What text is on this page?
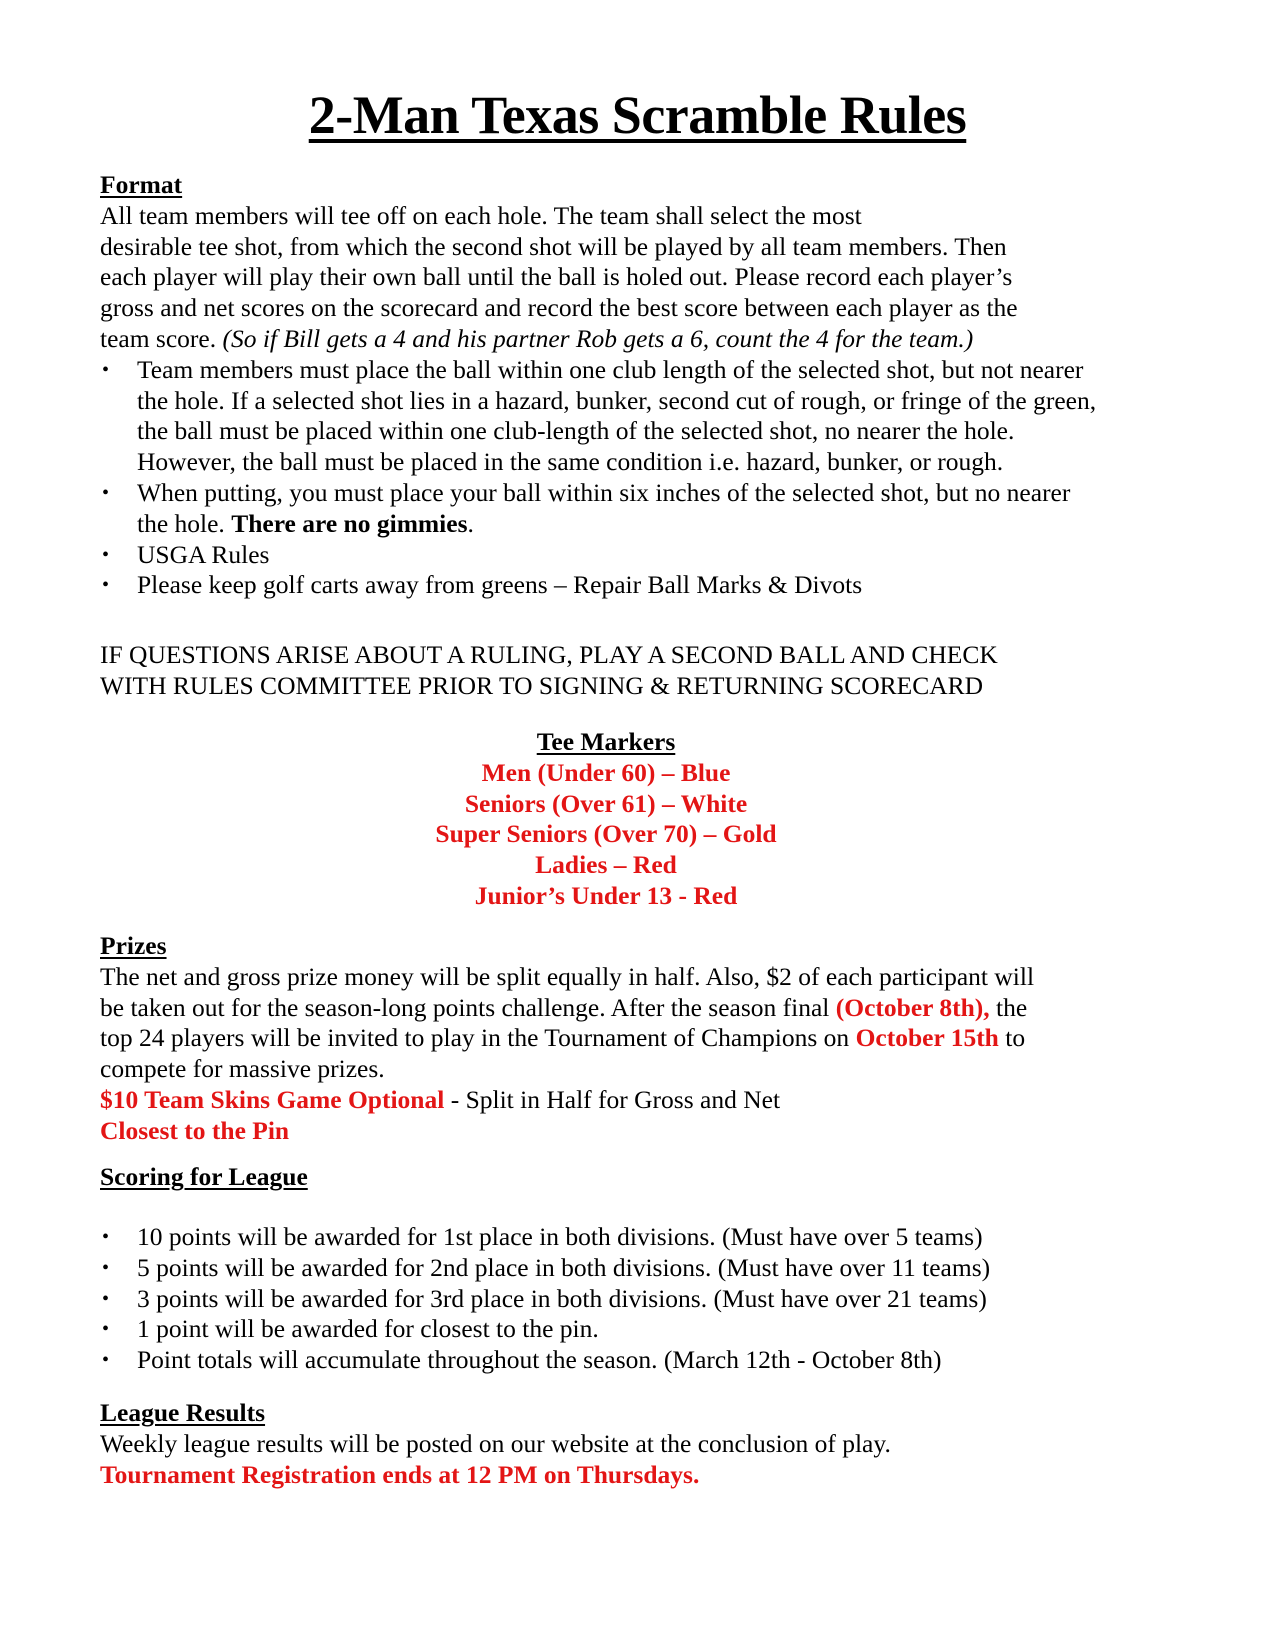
2-Man Texas Scramble Rules
Format
All team members will tee off on each hole. The team shall select the most
desirable tee shot, from which the second shot will be played by all team members. Then
each player will play their own ball until the ball is holed out. Please record each player’s
gross and net scores on the scorecard and record the best score between each player as the
team score. (So if Bill gets a 4 and his partner Rob gets a 6, count the 4 for the team.)
• Team members must place the ball within one club length of the selected shot, but not nearer the hole. If a selected shot lies in a hazard, bunker, second cut of rough, or fringe of the green, the ball must be placed within one club-length of the selected shot, no nearer the hole. However, the ball must be placed in the same condition i.e. hazard, bunker, or rough.
• When putting, you must place your ball within six inches of the selected shot, but no nearer the hole. There are no gimmies.
• USGA Rules
• Please keep golf carts away from greens – Repair Ball Marks & Divots
IF QUESTIONS ARISE ABOUT A RULING, PLAY A SECOND BALL AND CHECK
WITH RULES COMMITTEE PRIOR TO SIGNING & RETURNING SCORECARD
Tee Markers
Men (Under 60) – Blue
Seniors (Over 61) – White
Super Seniors (Over 70) – Gold
Ladies – Red
Junior’s Under 13 - Red
Prizes
The net and gross prize money will be split equally in half. Also, $2 of each participant will
be taken out for the season-long points challenge. After the season final (October 8th), the
top 24 players will be invited to play in the Tournament of Champions on October 15th to
compete for massive prizes.
$10 Team Skins Game Optional - Split in Half for Gross and Net
Closest to the Pin
Scoring for League
• 10 points will be awarded for 1st place in both divisions. (Must have over 5 teams)
• 5 points will be awarded for 2nd place in both divisions. (Must have over 11 teams)
• 3 points will be awarded for 3rd place in both divisions. (Must have over 21 teams)
• 1 point will be awarded for closest to the pin.
• Point totals will accumulate throughout the season. (March 12th - October 8th)
League Results
Weekly league results will be posted on our website at the conclusion of play.
Tournament Registration ends at 12 PM on Thursdays.
